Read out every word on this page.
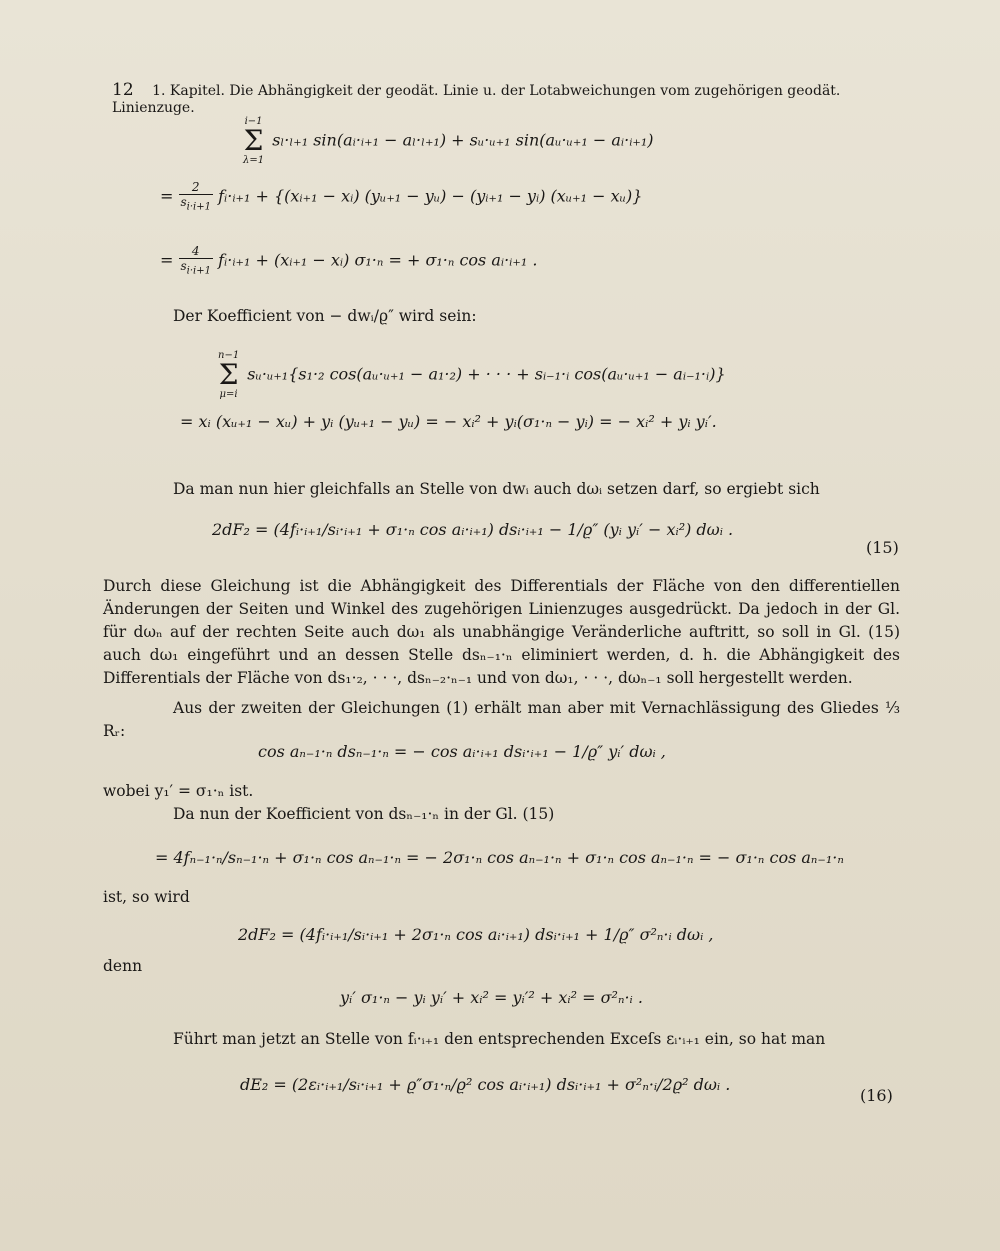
12 1. Kapitel. Die Abhängigkeit der geodät. Linie u. der Lotabweichungen vom zugehörigen geodät. Linienzuge.
i−1
Σ
λ=1 sₗ·ₗ₊₁ sin(aᵢ·ᵢ₊₁ − aₗ·ₗ₊₁) + sᵤ·ᵤ₊₁ sin(aᵤ·ᵤ₊₁ − aᵢ·ᵢ₊₁)
= $\frac{2}{s_{i\cdot i+1}}$ fᵢ·ᵢ₊₁ + {(xᵢ₊₁ − xᵢ) (yᵤ₊₁ − yᵤ) − (yᵢ₊₁ − yᵢ) (xᵤ₊₁ − xᵤ)}
= $\frac{4}{s_{i\cdot i+1}}$ fᵢ·ᵢ₊₁ + (xᵢ₊₁ − xᵢ) σ₁·ₙ = + σ₁·ₙ cos aᵢ·ᵢ₊₁ .
Der Koefficient von − dwᵢ/ϱ″ wird sein:
n−1
Σ
μ=i sᵤ·ᵤ₊₁{s₁·₂ cos(aᵤ·ᵤ₊₁ − a₁·₂) + · · · + sᵢ₋₁·ᵢ cos(aᵤ·ᵤ₊₁ − aᵢ₋₁·ᵢ)}
= xᵢ (xᵤ₊₁ − xᵤ) + yᵢ (yᵤ₊₁ − yᵤ) = − xᵢ² + yᵢ(σ₁·ₙ − yᵢ) = − xᵢ² + yᵢ yᵢ′.
Da man nun hier gleichfalls an Stelle von dwᵢ auch dωᵢ setzen darf, so ergiebt sich
2dF₂ = (4fᵢ·ᵢ₊₁/sᵢ·ᵢ₊₁ + σ₁·ₙ cos aᵢ·ᵢ₊₁) dsᵢ·ᵢ₊₁ − 1/ϱ″ (yᵢ yᵢ′ − xᵢ²) dωᵢ .
(15)
Durch diese Gleichung ist die Abhängigkeit des Differentials der Fläche von den differentiellen Änderungen der Seiten und Winkel des zugehörigen Linienzuges ausgedrückt. Da jedoch in der Gl. für dωₙ auf der rechten Seite auch dω₁ als unabhängige Veränderliche auftritt, so soll in Gl. (15) auch dω₁ eingeführt und an dessen Stelle dsₙ₋₁·ₙ eliminiert werden, d. h. die Abhängigkeit des Differentials der Fläche von ds₁·₂, · · ·, dsₙ₋₂·ₙ₋₁ und von dω₁, · · ·, dωₙ₋₁ soll hergestellt werden.
Aus der zweiten der Gleichungen (1) erhält man aber mit Vernachlässigung des Gliedes ⅓ Rᵣ:
cos aₙ₋₁·ₙ dsₙ₋₁·ₙ = − cos aᵢ·ᵢ₊₁ dsᵢ·ᵢ₊₁ − 1/ϱ″ yᵢ′ dωᵢ ,
wobei y₁′ = σ₁·ₙ ist.
Da nun der Koefficient von dsₙ₋₁·ₙ in der Gl. (15)
= 4fₙ₋₁·ₙ/sₙ₋₁·ₙ + σ₁·ₙ cos aₙ₋₁·ₙ = − 2σ₁·ₙ cos aₙ₋₁·ₙ + σ₁·ₙ cos aₙ₋₁·ₙ = − σ₁·ₙ cos aₙ₋₁·ₙ
ist, so wird
2dF₂ = (4fᵢ·ᵢ₊₁/sᵢ·ᵢ₊₁ + 2σ₁·ₙ cos aᵢ·ᵢ₊₁) dsᵢ·ᵢ₊₁ + 1/ϱ″ σ²ₙ·ᵢ dωᵢ ,
denn
yᵢ′ σ₁·ₙ − yᵢ yᵢ′ + xᵢ² = yᵢ′² + xᵢ² = σ²ₙ·ᵢ .
Führt man jetzt an Stelle von fᵢ·ᵢ₊₁ den entsprechenden Exceſs εᵢ·ᵢ₊₁ ein, so hat man
dE₂ = (2εᵢ·ᵢ₊₁/sᵢ·ᵢ₊₁ + ϱ″σ₁·ₙ/ϱ² cos aᵢ·ᵢ₊₁) dsᵢ·ᵢ₊₁ + σ²ₙ·ᵢ/2ϱ² dωᵢ .
(16)
